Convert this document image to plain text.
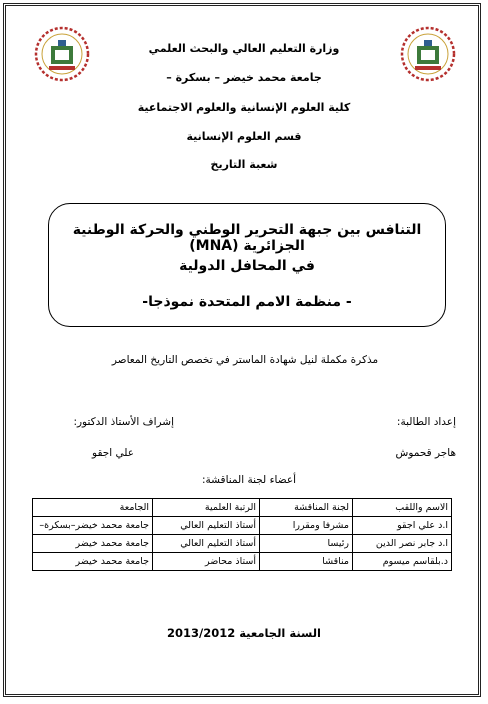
وزارة التعليم العالي والبحث العلمي
جامعة محمد خيضر – بسكرة –
كلية العلوم الإنسانية والعلوم الاجتماعية
قسم العلوم الإنسانية
شعبة التاريخ
التنافس بين جبهة التحرير الوطني والحركة الوطنية الجزائرية (MNA)
في المحافل الدولية
- منظمة الامم المتحدة نموذجا-
مذكرة مكملة لنيل شهادة الماستر في تخصص التاريخ المعاصر
إعداد الطالبة:
هاجر قحموش
إشراف الأستاذ الدكتور:
علي اجقو
أعضاء لجنة المناقشة:
الاسم واللقب	لجنة المناقشة	الرتبة العلمية	الجامعة
ا.د علي اجقو	مشرفا ومقررا	أستاذ التعليم العالي	جامعة محمد خيضر–بسكرة–
ا.د جابر نصر الدين	رئيسا	أستاذ التعليم العالي	جامعة محمد خيضر
د.بلقاسم ميسوم	مناقشا	أستاذ محاضر	جامعة محمد خيضر
السنة الجامعية 2013/2012
